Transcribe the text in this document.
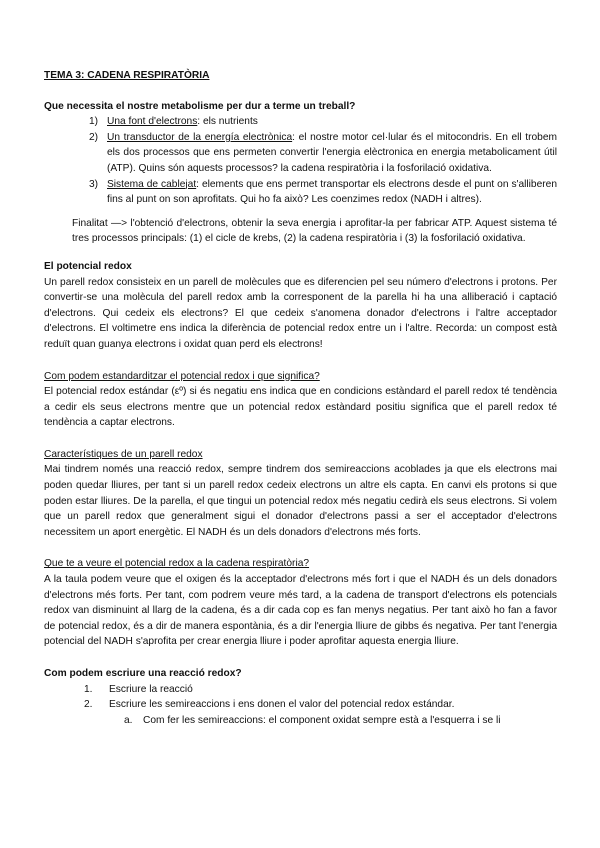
TEMA 3: CADENA RESPIRATÒRIA

Que necessita el nostre metabolisme per dur a terme un treball?

1) Una font d'electrons: els nutrients
2) Un transductor de la energía electrònica: el nostre motor cel·lular és el mitocondris. En ell trobem els dos processos que ens permeten convertir l'energia elèctronica en energia metabolicament útil (ATP). Quins són aquests processos? la cadena respiratòria i la fosforilació oxidativa.
3) Sistema de cablejat: elements que ens permet transportar els electrons desde el punt on s'alliberen fins al punt on son aprofitats. Qui ho fa això? Les coenzimes redox (NADH i altres).

Finalitat —> l'obtenció d'electrons, obtenir la seva energia i aprofitar-la per fabricar ATP. Aquest sistema té tres processos principals: (1) el cicle de krebs, (2) la cadena respiratòria i (3) la fosforilació oxidativa.

El potencial redox

Un parell redox consisteix en un parell de molècules que es diferencien pel seu número d'electrons i protons. Per convertir-se una molècula del parell redox amb la corresponent de la parella hi ha una alliberació i captació d'electrons. Qui cedeix els electrons? El que cedeix s'anomena donador d'electrons i l'altre acceptador d'electrons. El voltimetre ens indica la diferència de potencial redox entre un i l'altre. Recorda: un compost està reduït quan guanya electrons i oxidat quan perd els electrons!

Com podem estandarditzar el potencial redox i que significa?

El potencial redox estándar (εº) si és negatiu ens indica que en condicions estàndard el parell redox té tendència a cedir els seus electrons mentre que un potencial redox estàndard positiu significa que el parell redox té tendència a captar electrons.

Característiques de un parell redox

Mai tindrem només una reacció redox, sempre tindrem dos semireaccions acoblades ja que els electrons mai poden quedar lliures, per tant si un parell redox cedeix electrons un altre els capta. En canvi els protons si que poden estar lliures. De la parella, el que tingui un potencial redox més negatiu cedirà els seus electrons. Si volem que un parell redox que generalment sigui el donador d'electrons passi a ser el acceptador d'electrons necessitem un aport energètic. El NADH és un dels donadors d'electrons més forts.

Que te a veure el potencial redox a la cadena respiratòria?

A la taula podem veure que el oxigen és la acceptador d'electrons més fort i que el NADH és un dels donadors d'electrons més forts. Per tant, com podrem veure més tard, a la cadena de transport d'electrons els potencials redox van disminuint al llarg de la cadena, és a dir cada cop es fan menys negatius. Per tant això ho fan a favor de potencial redox, és a dir de manera espontània, és a dir l'energia lliure de gibbs és negativa. Per tant l'energia potencial del NADH s'aprofita per crear energia lliure i poder aprofitar aquesta energia lliure.

Com podem escriure una reacció redox?

1. Escriure la reacció
2. Escriure les semireaccions i ens donen el valor del potencial redox estándar.
a. Com fer les semireaccions: el component oxidat sempre està a l'esquerra i se li
